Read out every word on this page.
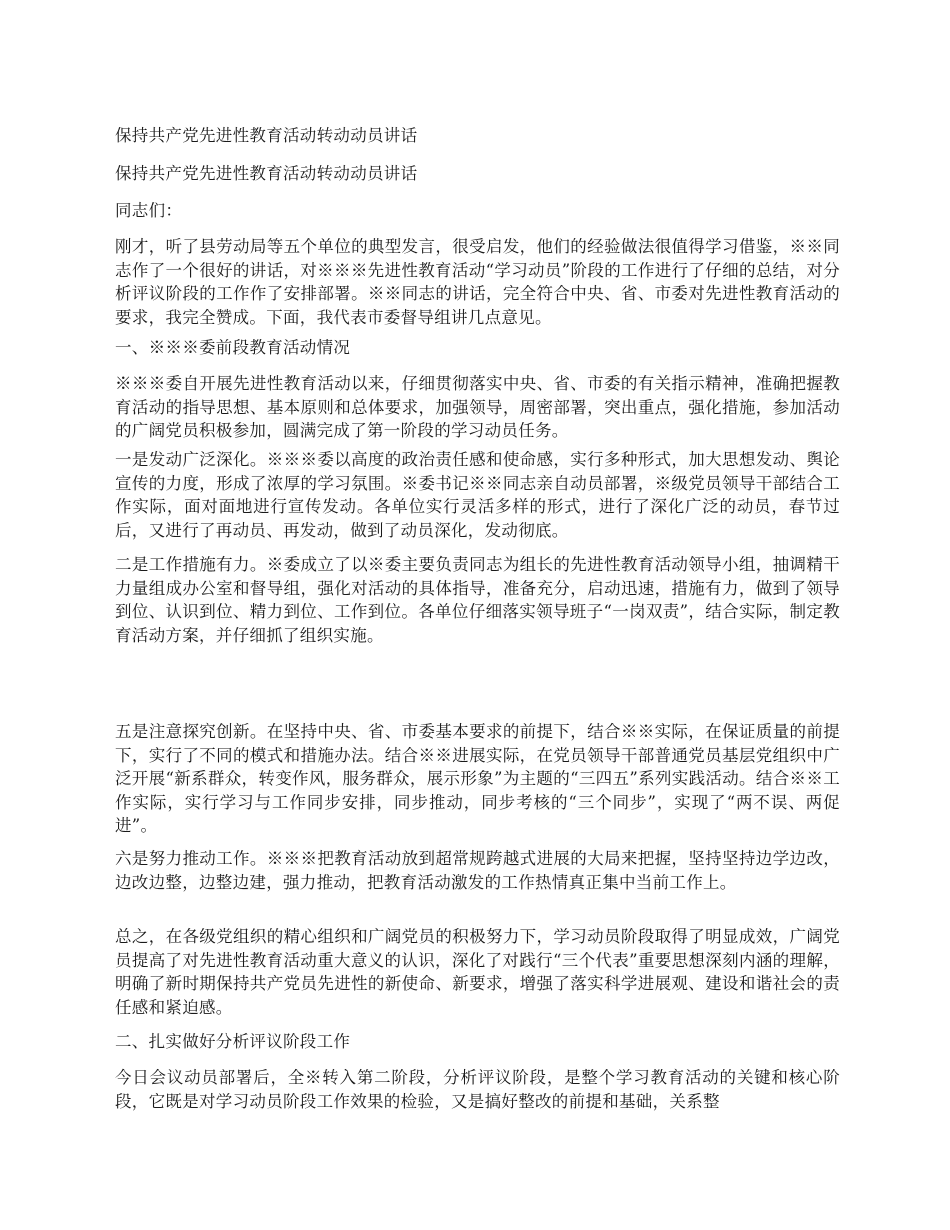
保持共产党先进性教育活动转动动员讲话

保持共产党先进性教育活动转动动员讲话

同志们：

刚才，听了县劳动局等五个单位的典型发言，很受启发，他们的经验做法很值得学习借鉴，※※同志作了一个很好的讲话，对※※※先进性教育活动“学习动员”阶段的工作进行了仔细的总结，对分析评议阶段的工作作了安排部署。※※同志的讲话，完全符合中央、省、市委对先进性教育活动的要求，我完全赞成。下面，我代表市委督导组讲几点意见。

一、※※※委前段教育活动情况

※※※委自开展先进性教育活动以来，仔细贯彻落实中央、省、市委的有关指示精神，准确把握教育活动的指导思想、基本原则和总体要求，加强领导，周密部署，突出重点，强化措施，参加活动的广阔党员积极参加，圆满完成了第一阶段的学习动员任务。

一是发动广泛深化。※※※委以高度的政治责任感和使命感，实行多种形式，加大思想发动、舆论宣传的力度，形成了浓厚的学习氛围。※委书记※※同志亲自动员部署，※级党员领导干部结合工作实际，面对面地进行宣传发动。各单位实行灵活多样的形式，进行了深化广泛的动员，春节过后，又进行了再动员、再发动，做到了动员深化，发动彻底。

二是工作措施有力。※委成立了以※委主要负责同志为组长的先进性教育活动领导小组，抽调精干力量组成办公室和督导组，强化对活动的具体指导，准备充分，启动迅速，措施有力，做到了领导到位、认识到位、精力到位、工作到位。各单位仔细落实领导班子“一岗双责”，结合实际，制定教育活动方案，并仔细抓了组织实施。

五是注意探究创新。在坚持中央、省、市委基本要求的前提下，结合※※实际，在保证质量的前提下，实行了不同的模式和措施办法。结合※※进展实际，在党员领导干部普通党员基层党组织中广泛开展“新系群众，转变作风，服务群众，展示形象”为主题的“三四五”系列实践活动。结合※※工作实际，实行学习与工作同步安排，同步推动，同步考核的“三个同步”，实现了“两不误、两促进”。

六是努力推动工作。※※※把教育活动放到超常规跨越式进展的大局来把握，坚持坚持边学边改，边改边整，边整边建，强力推动，把教育活动激发的工作热情真正集中当前工作上。

总之，在各级党组织的精心组织和广阔党员的积极努力下，学习动员阶段取得了明显成效，广阔党员提高了对先进性教育活动重大意义的认识，深化了对践行“三个代表”重要思想深刻内涵的理解，明确了新时期保持共产党员先进性的新使命、新要求，增强了落实科学进展观、建设和谐社会的责任感和紧迫感。

二、扎实做好分析评议阶段工作

今日会议动员部署后，全※转入第二阶段，分析评议阶段，是整个学习教育活动的关键和核心阶段，它既是对学习动员阶段工作效果的检验，又是搞好整改的前提和基础，关系整
